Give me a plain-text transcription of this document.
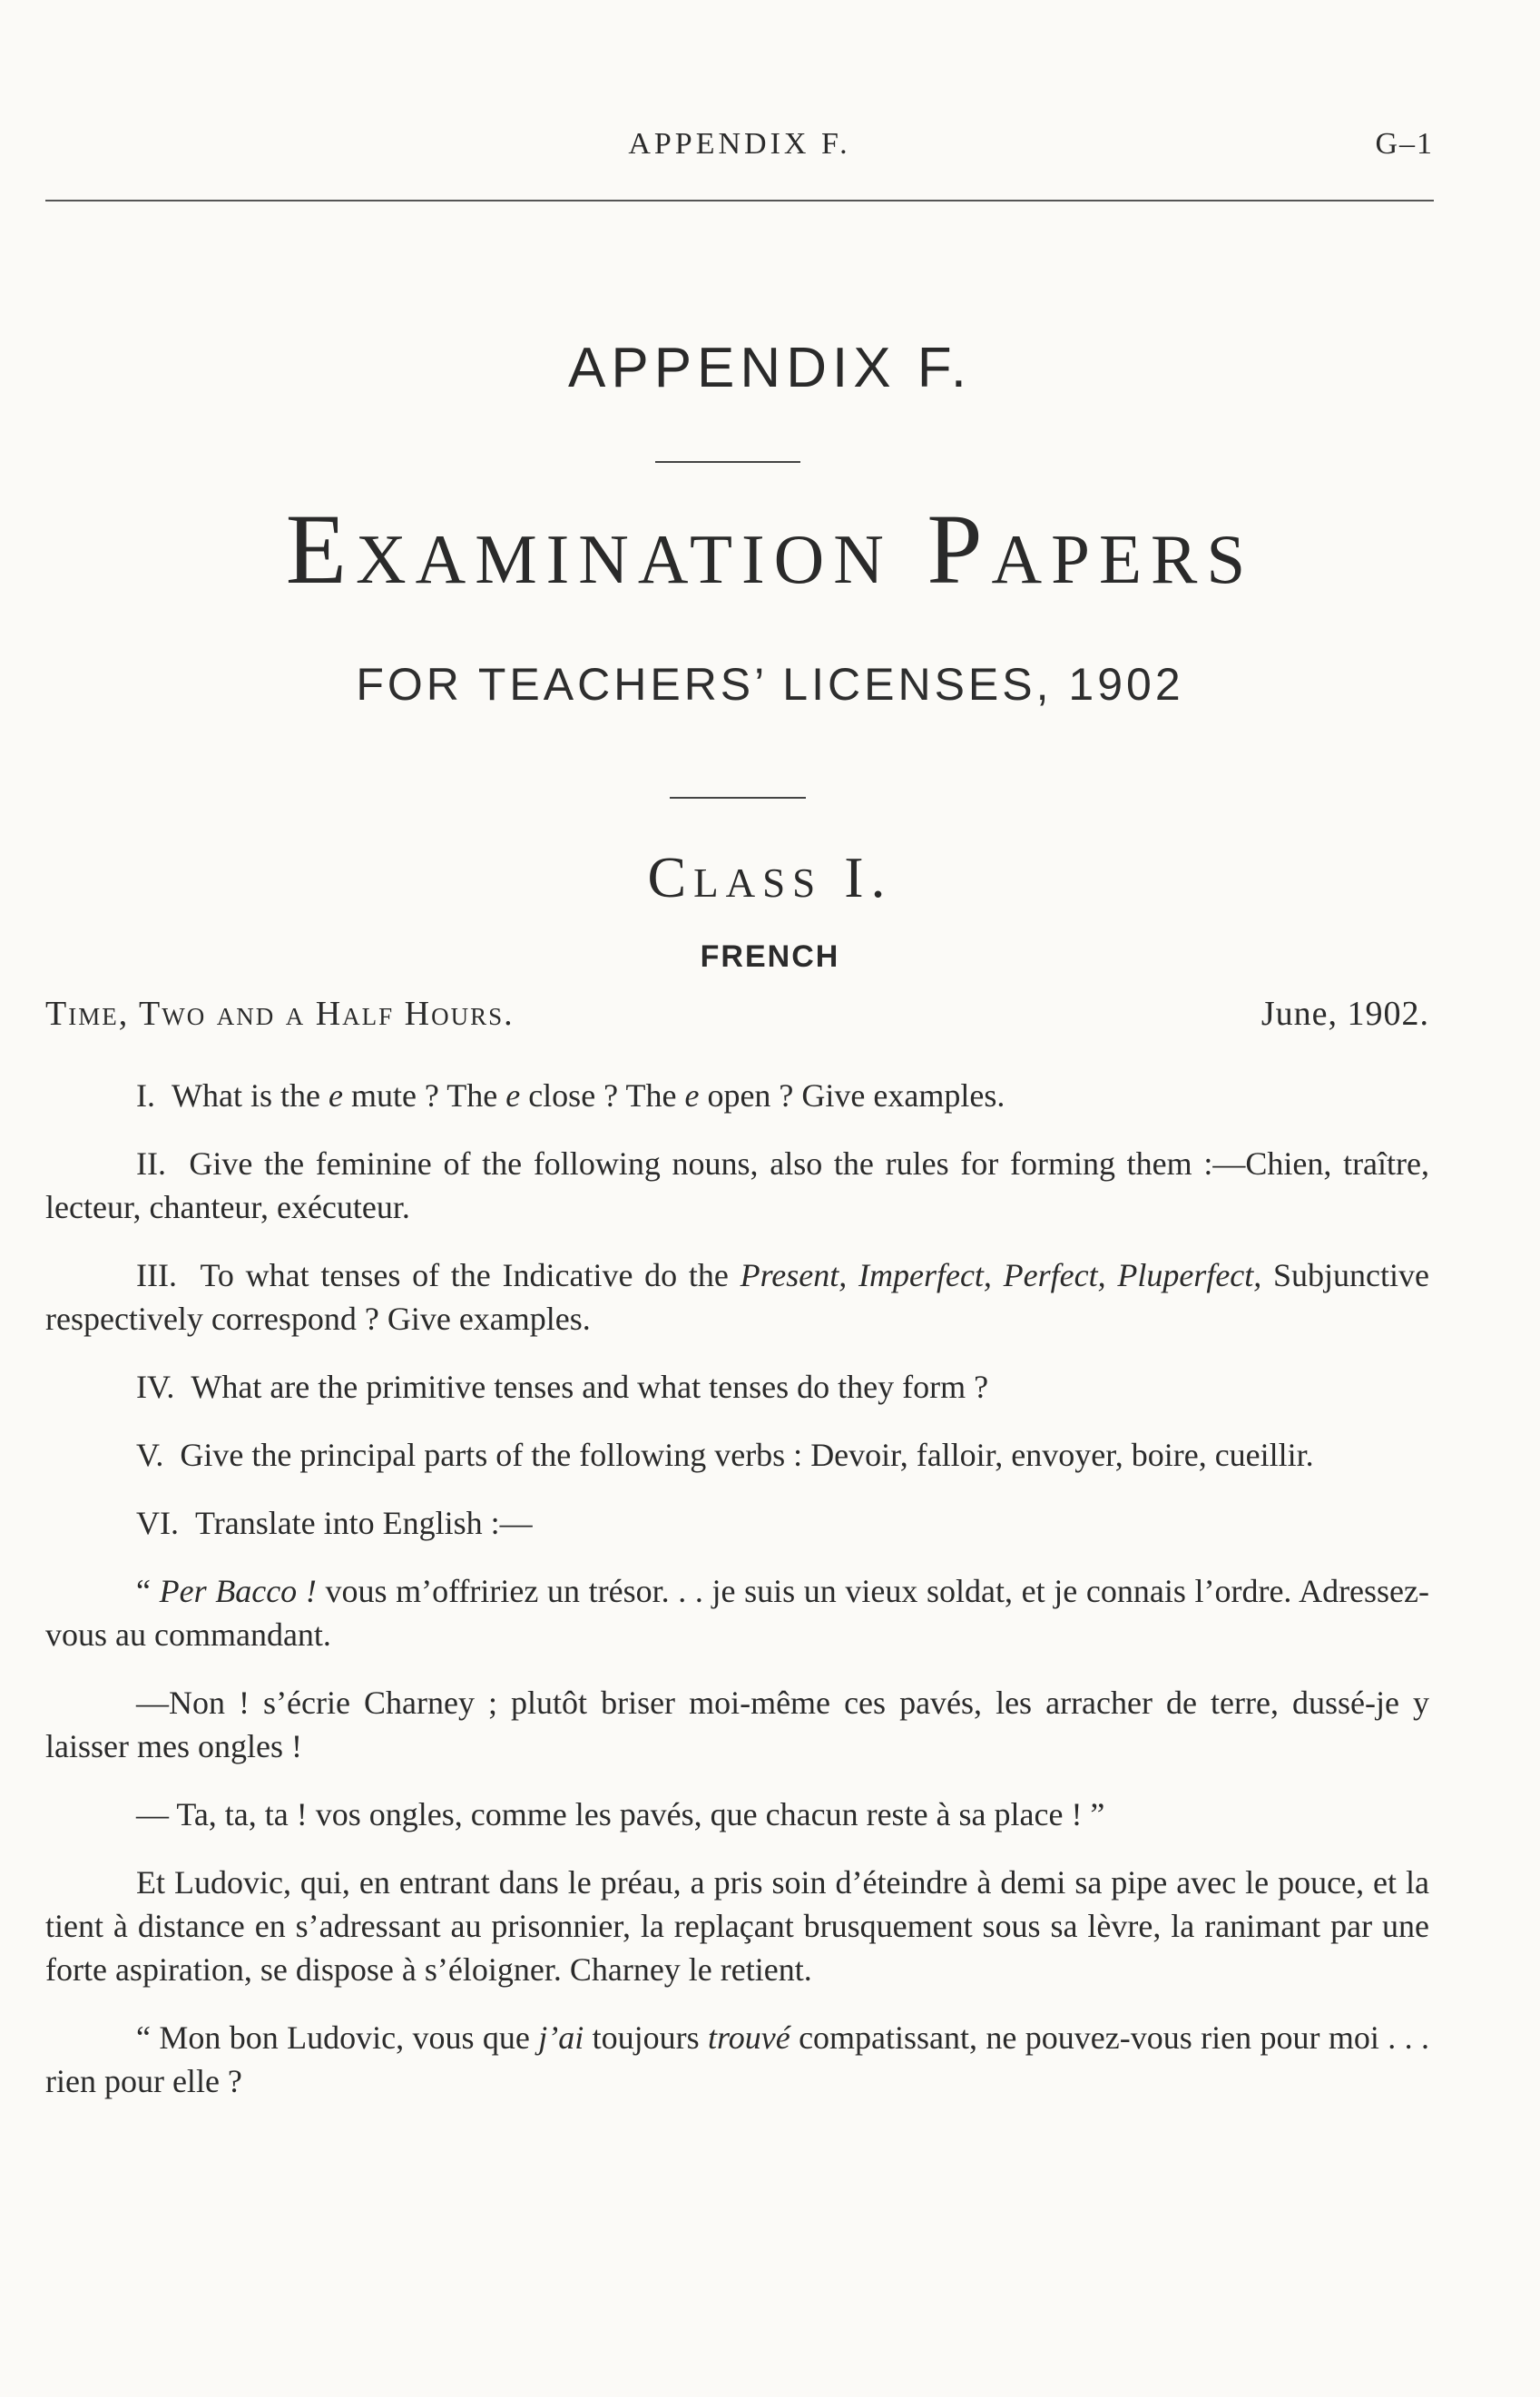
APPENDIX F.	G–1
APPENDIX F.
Examination Papers
FOR TEACHERS’ LICENSES, 1902
Class I.
FRENCH
Time, Two and a Half Hours.	June, 1902.

I. What is the e mute ? The e close ? The e open ? Give examples.

II. Give the feminine of the following nouns, also the rules for forming them :—Chien, traître, lecteur, chanteur, exécuteur.

III. To what tenses of the Indicative do the Present, Imperfect, Perfect, Pluperfect, Subjunctive respectively correspond ? Give examples.

IV. What are the primitive tenses and what tenses do they form ?

V. Give the principal parts of the following verbs : Devoir, falloir, envoyer, boire, cueillir.

VI. Translate into English :—

“ Per Bacco ! vous m’offririez un trésor. . . je suis un vieux soldat, et je connais l’ordre. Adressez-vous au commandant.

—Non ! s’écrie Charney ; plutôt briser moi-même ces pavés, les arracher de terre, dussé-je y laisser mes ongles !

— Ta, ta, ta ! vos ongles, comme les pavés, que chacun reste à sa place ! ”

Et Ludovic, qui, en entrant dans le préau, a pris soin d’éteindre à demi sa pipe avec le pouce, et la tient à distance en s’adressant au prisonnier, la replaçant brusquement sous sa lèvre, la ranimant par une forte aspiration, se dispose à s’éloigner. Charney le retient.

“ Mon bon Ludovic, vous que j’ai toujours trouvé compatissant, ne pouvez-vous rien pour moi . . . rien pour elle ?
